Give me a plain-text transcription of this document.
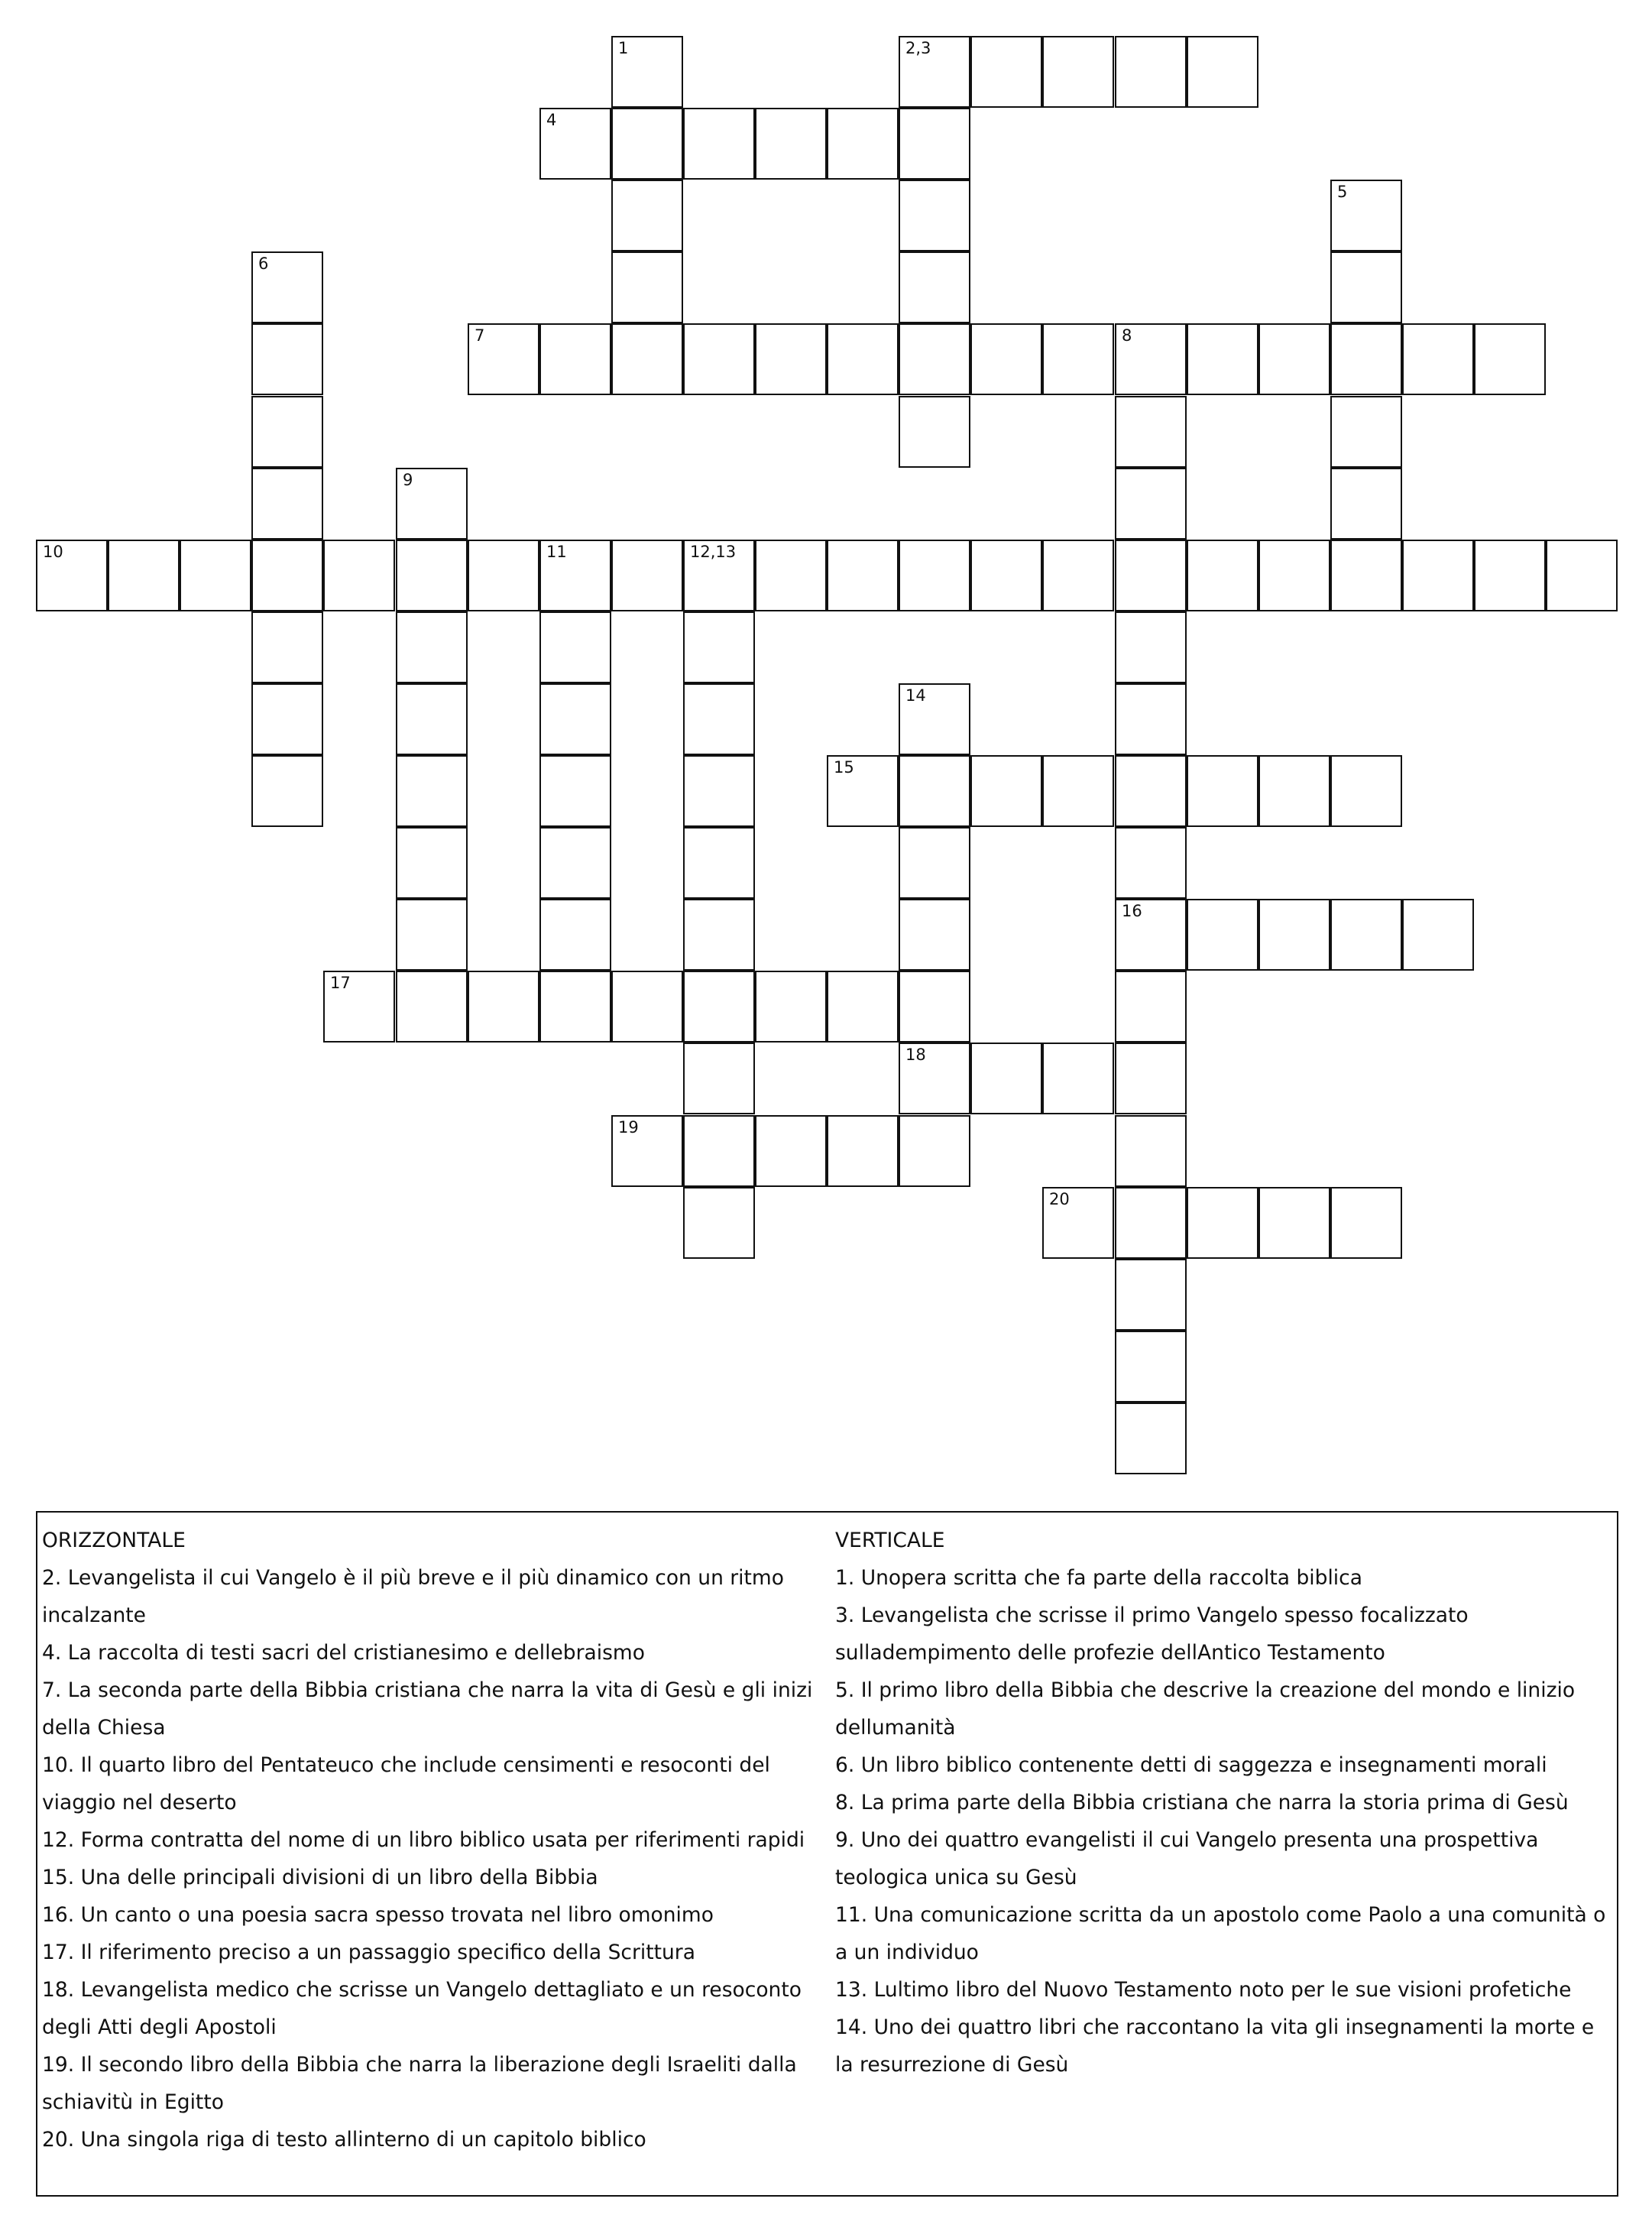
2,3
4
7	8
10	11	12,13
15
16
17
18
19
20
1
5
6
9
14
ORIZZONTALE
2. Levangelista il cui Vangelo è il più breve e il più dinamico con un ritmo
incalzante
4. La raccolta di testi sacri del cristianesimo e dellebraismo
7. La seconda parte della Bibbia cristiana che narra la vita di Gesù e gli inizi
della Chiesa
10. Il quarto libro del Pentateuco che include censimenti e resoconti del
viaggio nel deserto
12. Forma contratta del nome di un libro biblico usata per riferimenti rapidi
15. Una delle principali divisioni di un libro della Bibbia
16. Un canto o una poesia sacra spesso trovata nel libro omonimo
17. Il riferimento preciso a un passaggio specifico della Scrittura
18. Levangelista medico che scrisse un Vangelo dettagliato e un resoconto
degli Atti degli Apostoli
19. Il secondo libro della Bibbia che narra la liberazione degli Israeliti dalla
schiavitù in Egitto
20. Una singola riga di testo allinterno di un capitolo biblico
VERTICALE
1. Unopera scritta che fa parte della raccolta biblica
3. Levangelista che scrisse il primo Vangelo spesso focalizzato
sulladempimento delle profezie dellAntico Testamento
5. Il primo libro della Bibbia che descrive la creazione del mondo e linizio
dellumanità
6. Un libro biblico contenente detti di saggezza e insegnamenti morali
8. La prima parte della Bibbia cristiana che narra la storia prima di Gesù
9. Uno dei quattro evangelisti il cui Vangelo presenta una prospettiva
teologica unica su Gesù
11. Una comunicazione scritta da un apostolo come Paolo a una comunità o
a un individuo
13. Lultimo libro del Nuovo Testamento noto per le sue visioni profetiche
14. Uno dei quattro libri che raccontano la vita gli insegnamenti la morte e
la resurrezione di Gesù
